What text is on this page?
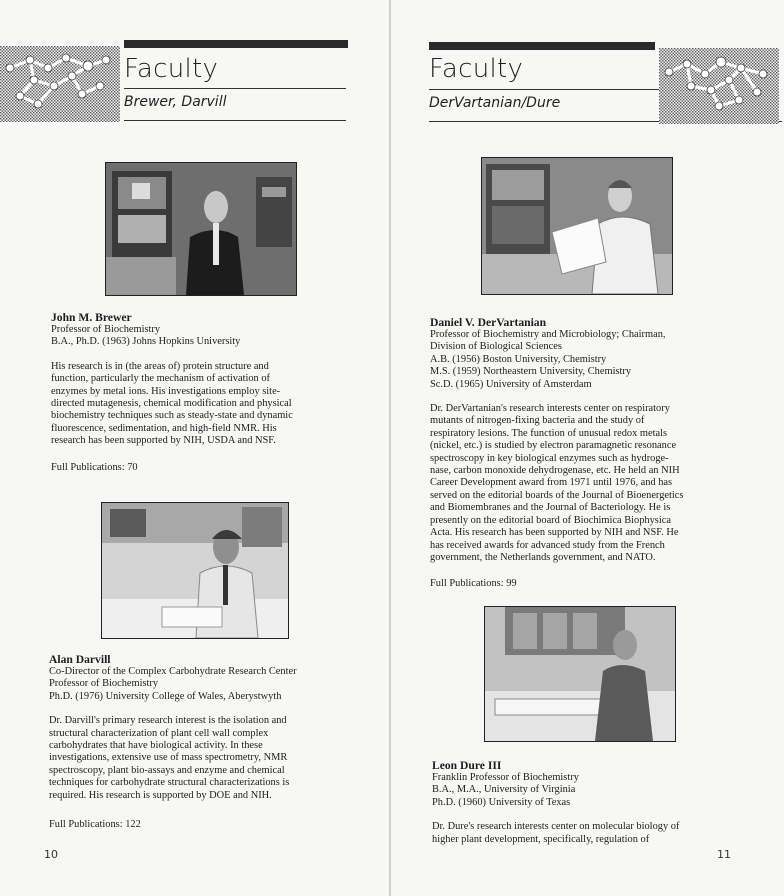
Faculty
Brewer, Darvill
John M. Brewer
Professor of Biochemistry
B.A., Ph.D. (1963) Johns Hopkins University
His research is in (the areas of) protein structure and
function, particularly the mechanism of activation of
enzymes by metal ions. His investigations employ site-
directed mutagenesis, chemical modification and physical
biochemistry techniques such as steady-state and dynamic
fluorescence, sedimentation, and high-field NMR. His
research has been supported by NIH, USDA and NSF.
Full Publications: 70
Alan Darvill
Co-Director of the Complex Carbohydrate Research Center
Professor of Biochemistry
Ph.D. (1976) University College of Wales, Aberystwyth
Dr. Darvill's primary research interest is the isolation and
structural characterization of plant cell wall complex
carbohydrates that have biological activity. In these
investigations, extensive use of mass spectrometry, NMR
spectroscopy, plant bio-assays and enzyme and chemical
techniques for carbohydrate structural characterizations is
required. His research is supported by DOE and NIH.
Full Publications: 122
10
Faculty
DerVartanian/Dure
Daniel V. DerVartanian
Professor of Biochemistry and Microbiology; Chairman,
Division of Biological Sciences
A.B. (1956) Boston University, Chemistry
M.S. (1959) Northeastern University, Chemistry
Sc.D. (1965) University of Amsterdam
Dr. DerVartanian's research interests center on respiratory
mutants of nitrogen-fixing bacteria and the study of
respiratory lesions. The function of unusual redox metals
(nickel, etc.) is studied by electron paramagnetic resonance
spectroscopy in key biological enzymes such as hydroge-
nase, carbon monoxide dehydrogenase, etc. He held an NIH
Career Development award from 1971 until 1976, and has
served on the editorial boards of the Journal of Bioenergetics
and Biomembranes and the Journal of Bacteriology. He is
presently on the editorial board of Biochimica Biophysica
Acta. His research has been supported by NIH and NSF. He
has received awards for advanced study from the French
government, the Netherlands government, and NATO.
Full Publications: 99
Leon Dure III
Franklin Professor of Biochemistry
B.A., M.A., University of Virginia
Ph.D. (1960) University of Texas
Dr. Dure's research interests center on molecular biology of
higher plant development, specifically, regulation of
11
